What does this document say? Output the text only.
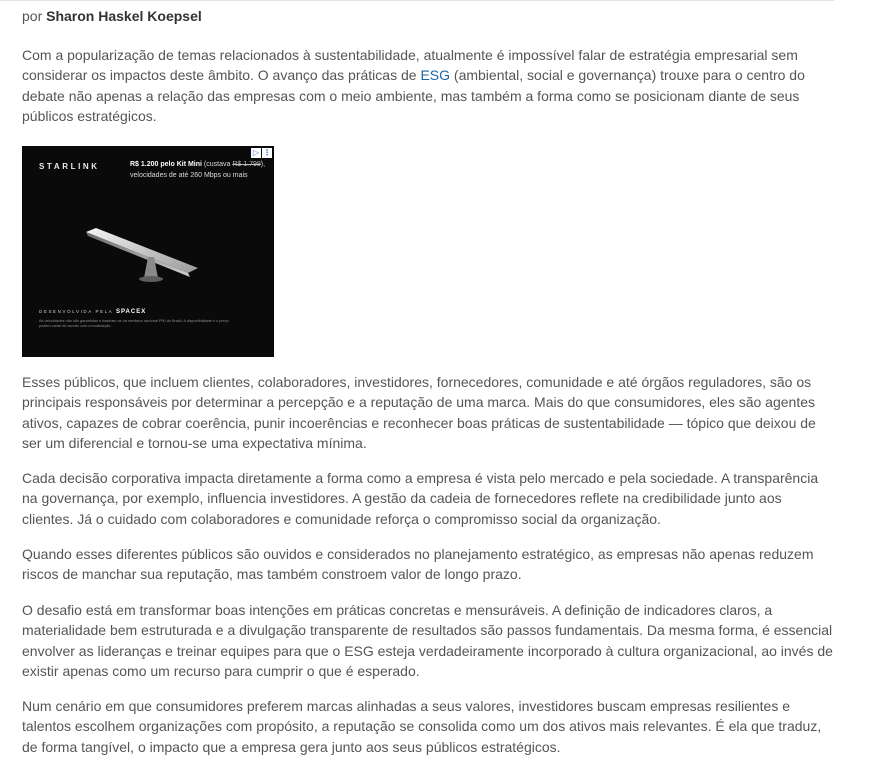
por Sharon Haskel Koepsel

Com a popularização de temas relacionados à sustentabilidade, atualmente é impossível falar de estratégia empresarial sem considerar os impactos deste âmbito. O avanço das práticas de ESG (ambiental, social e governança) trouxe para o centro do debate não apenas a relação das empresas com o meio ambiente, mas também a forma como se posicionam diante de seus públicos estratégicos.

Esses públicos, que incluem clientes, colaboradores, investidores, fornecedores, comunidade e até órgãos reguladores, são os principais responsáveis por determinar a percepção e a reputação de uma marca. Mais do que consumidores, eles são agentes ativos, capazes de cobrar coerência, punir incoerências e reconhecer boas práticas de sustentabilidade — tópico que deixou de ser um diferencial e tornou-se uma expectativa mínima.

Cada decisão corporativa impacta diretamente a forma como a empresa é vista pelo mercado e pela sociedade. A transparência na governança, por exemplo, influencia investidores. A gestão da cadeia de fornecedores reflete na credibilidade junto aos clientes. Já o cuidado com colaboradores e comunidade reforça o compromisso social da organização.

Quando esses diferentes públicos são ouvidos e considerados no planejamento estratégico, as empresas não apenas reduzem riscos de manchar sua reputação, mas também constroem valor de longo prazo.

O desafio está em transformar boas intenções em práticas concretas e mensuráveis. A definição de indicadores claros, a materialidade bem estruturada e a divulgação transparente de resultados são passos fundamentais. Da mesma forma, é essencial envolver as lideranças e treinar equipes para que o ESG esteja verdadeiramente incorporado à cultura organizacional, ao invés de existir apenas como um recurso para cumprir o que é esperado.

Num cenário em que consumidores preferem marcas alinhadas a seus valores, investidores buscam empresas resilientes e talentos escolhem organizações com propósito, a reputação se consolida como um dos ativos mais relevantes. É ela que traduz, de forma tangível, o impacto que a empresa gera junto aos seus públicos estratégicos.

STARLINK
▷ ⋮
R$ 1.200 pelo Kit Mini (custava R$ 1.799),
velocidades de até 260 Mbps ou mais
DESENVOLVIDA PELA SPACEX
As velocidades não são garantidas e baseiam-se na mediana nacional P90 do Brasil. A disponibilidade e o preço podem variar de acordo com a localização.
